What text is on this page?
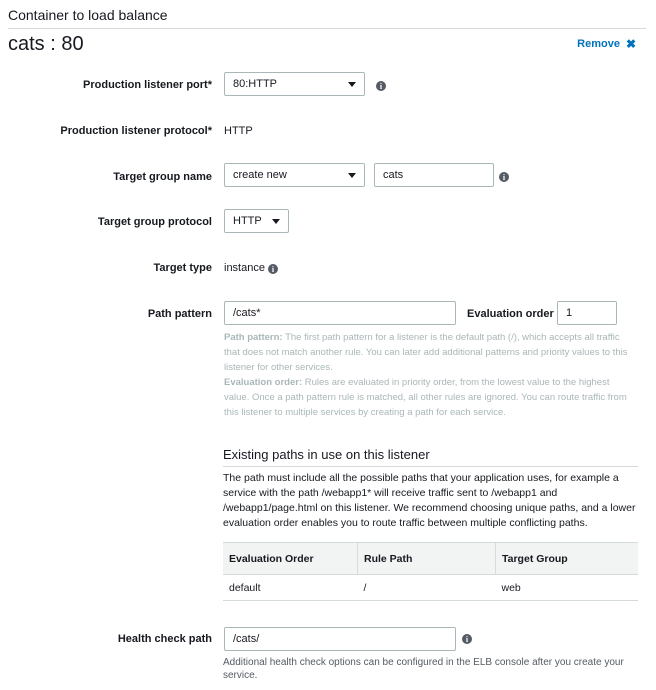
Container to load balance
cats : 80	Remove ✖
Production listener port* 80:HTTP	i
Production listener protocol* HTTP
Target group name create new	cats	i
Target group protocol HTTP
Target type instance i
Path pattern /cats*	Evaluation order 1
Path pattern: The first path pattern for a listener is the default path (/), which accepts all traffic that does not match another rule. You can later add additional patterns and priority values to this listener for other services.
Evaluation order: Rules are evaluated in priority order, from the lowest value to the highest value. Once a path pattern rule is matched, all other rules are ignored. You can route traffic from this listener to multiple services by creating a path for each service.
Existing paths in use on this listener
The path must include all the possible paths that your application uses, for example a service with the path /webapp1* will receive traffic sent to /webapp1 and /webapp1/page.html on this listener. We recommend choosing unique paths, and a lower evaluation order enables you to route traffic between multiple conflicting paths.
Evaluation Order	Rule Path	Target Group
default	/	web
Health check path /cats/	i
Additional health check options can be configured in the ELB console after you create your service.
